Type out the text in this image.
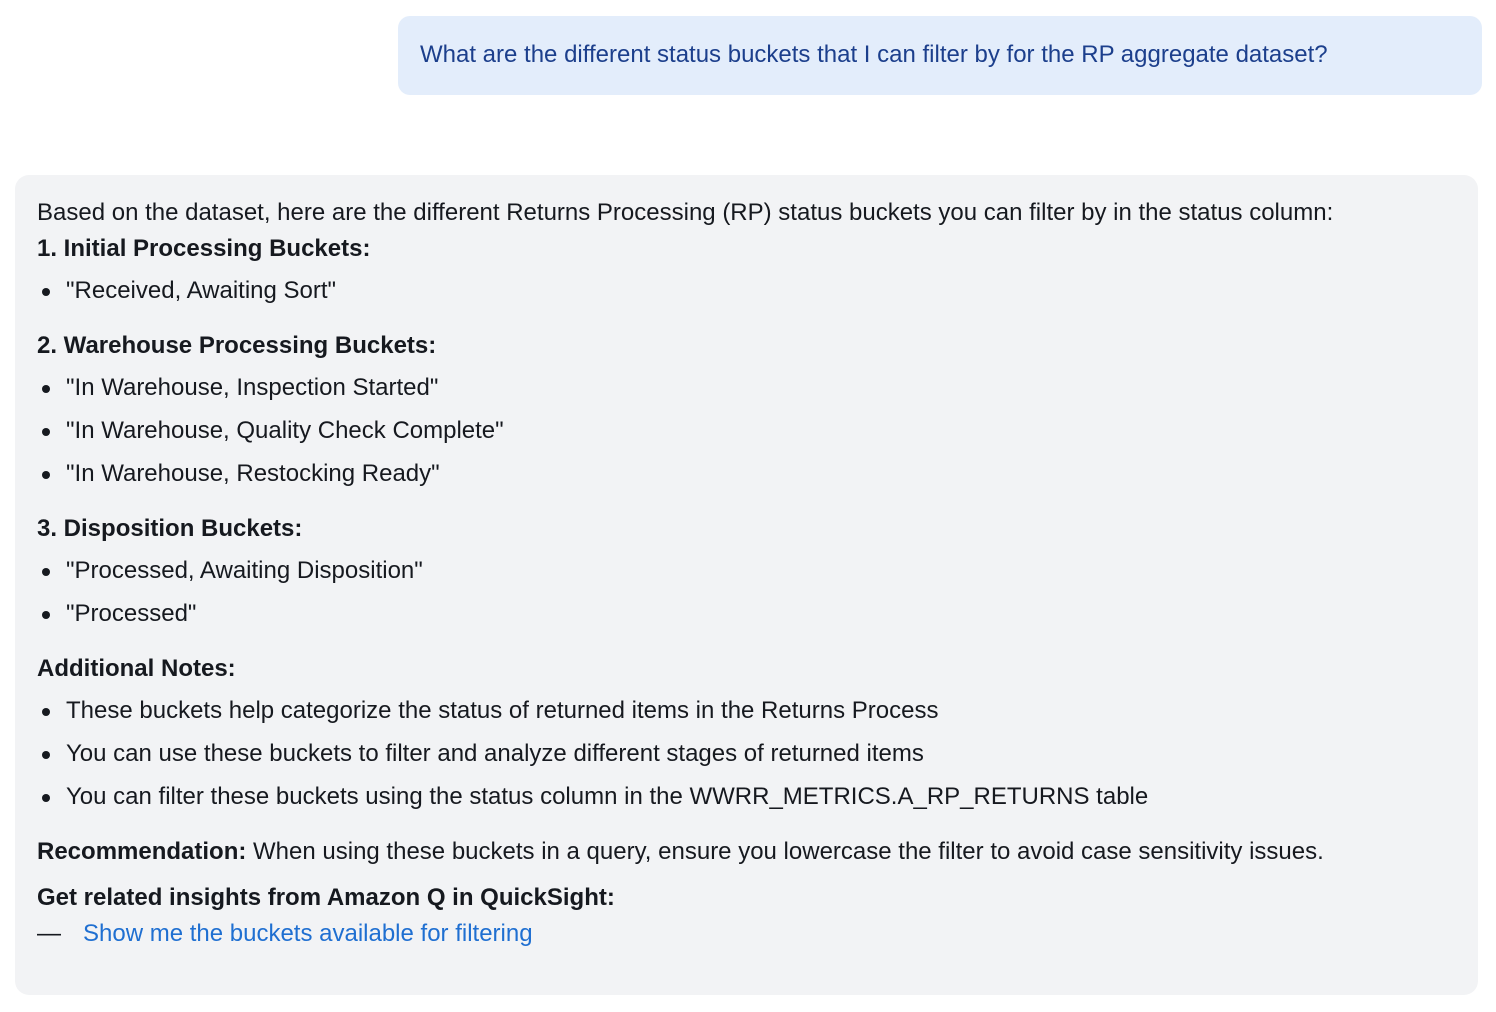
What are the different status buckets that I can filter by for the RP aggregate dataset?
Based on the dataset, here are the different Returns Processing (RP) status buckets you can filter by in the status column:
1. Initial Processing Buckets:
"Received, Awaiting Sort"
2. Warehouse Processing Buckets:
"In Warehouse, Inspection Started"
"In Warehouse, Quality Check Complete"
"In Warehouse, Restocking Ready"
3. Disposition Buckets:
"Processed, Awaiting Disposition"
"Processed"
Additional Notes:
These buckets help categorize the status of returned items in the Returns Process
You can use these buckets to filter and analyze different stages of returned items
You can filter these buckets using the status column in the WWRR_METRICS.A_RP_RETURNS table
Recommendation: When using these buckets in a query, ensure you lowercase the filter to avoid case sensitivity issues.
Get related insights from Amazon Q in QuickSight:
— Show me the buckets available for filtering
